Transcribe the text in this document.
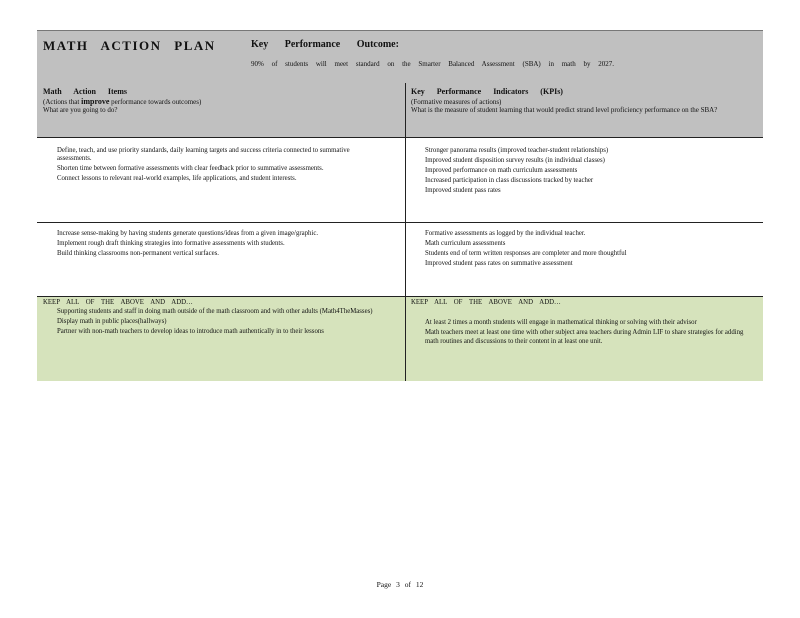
MATH ACTION PLAN	Key Performance Outcome:
90% of students will meet standard on the Smarter Balanced Assessment (SBA) in math by 2027.
Math Action Items
(Actions that improve performance towards outcomes)
What are you going to do?
Key Performance Indicators (KPIs)
(Formative measures of actions)
What is the measure of student learning that would predict strand level proficiency performance on the SBA?
Define, teach, and use priority standards, daily learning targets and success criteria connected to summative assessments.
Shorten time between formative assessments with clear feedback prior to summative assessments.
Connect lessons to relevant real-world examples, life applications, and student interests.
Stronger panorama results (improved teacher-student relationships)
Improved student disposition survey results (in individual classes)
Improved performance on math curriculum assessments
Increased participation in class discussions tracked by teacher
Improved student pass rates
Increase sense-making by having students generate questions/ideas from a given image/graphic.
Implement rough draft thinking strategies into formative assessments with students.
Build thinking classrooms non-permanent vertical surfaces.
Formative assessments as logged by the individual teacher.
Math curriculum assessments
Students end of term written responses are completer and more thoughtful
Improved student pass rates on summative assessment
KEEP ALL OF THE ABOVE AND ADD…
Supporting students and staff in doing math outside of the math classroom and with other adults (Math4TheMasses)
Display math in public places(hallways)
Partner with non-math teachers to develop ideas to introduce math authentically in to their lessons
KEEP ALL OF THE ABOVE AND ADD…
At least 2 times a month students will engage in mathematical thinking or solving with their advisor
Math teachers meet at least one time with other subject area teachers during Admin LIF to share strategies for adding math routines and discussions to their content in at least one unit.
Page 3 of 12
